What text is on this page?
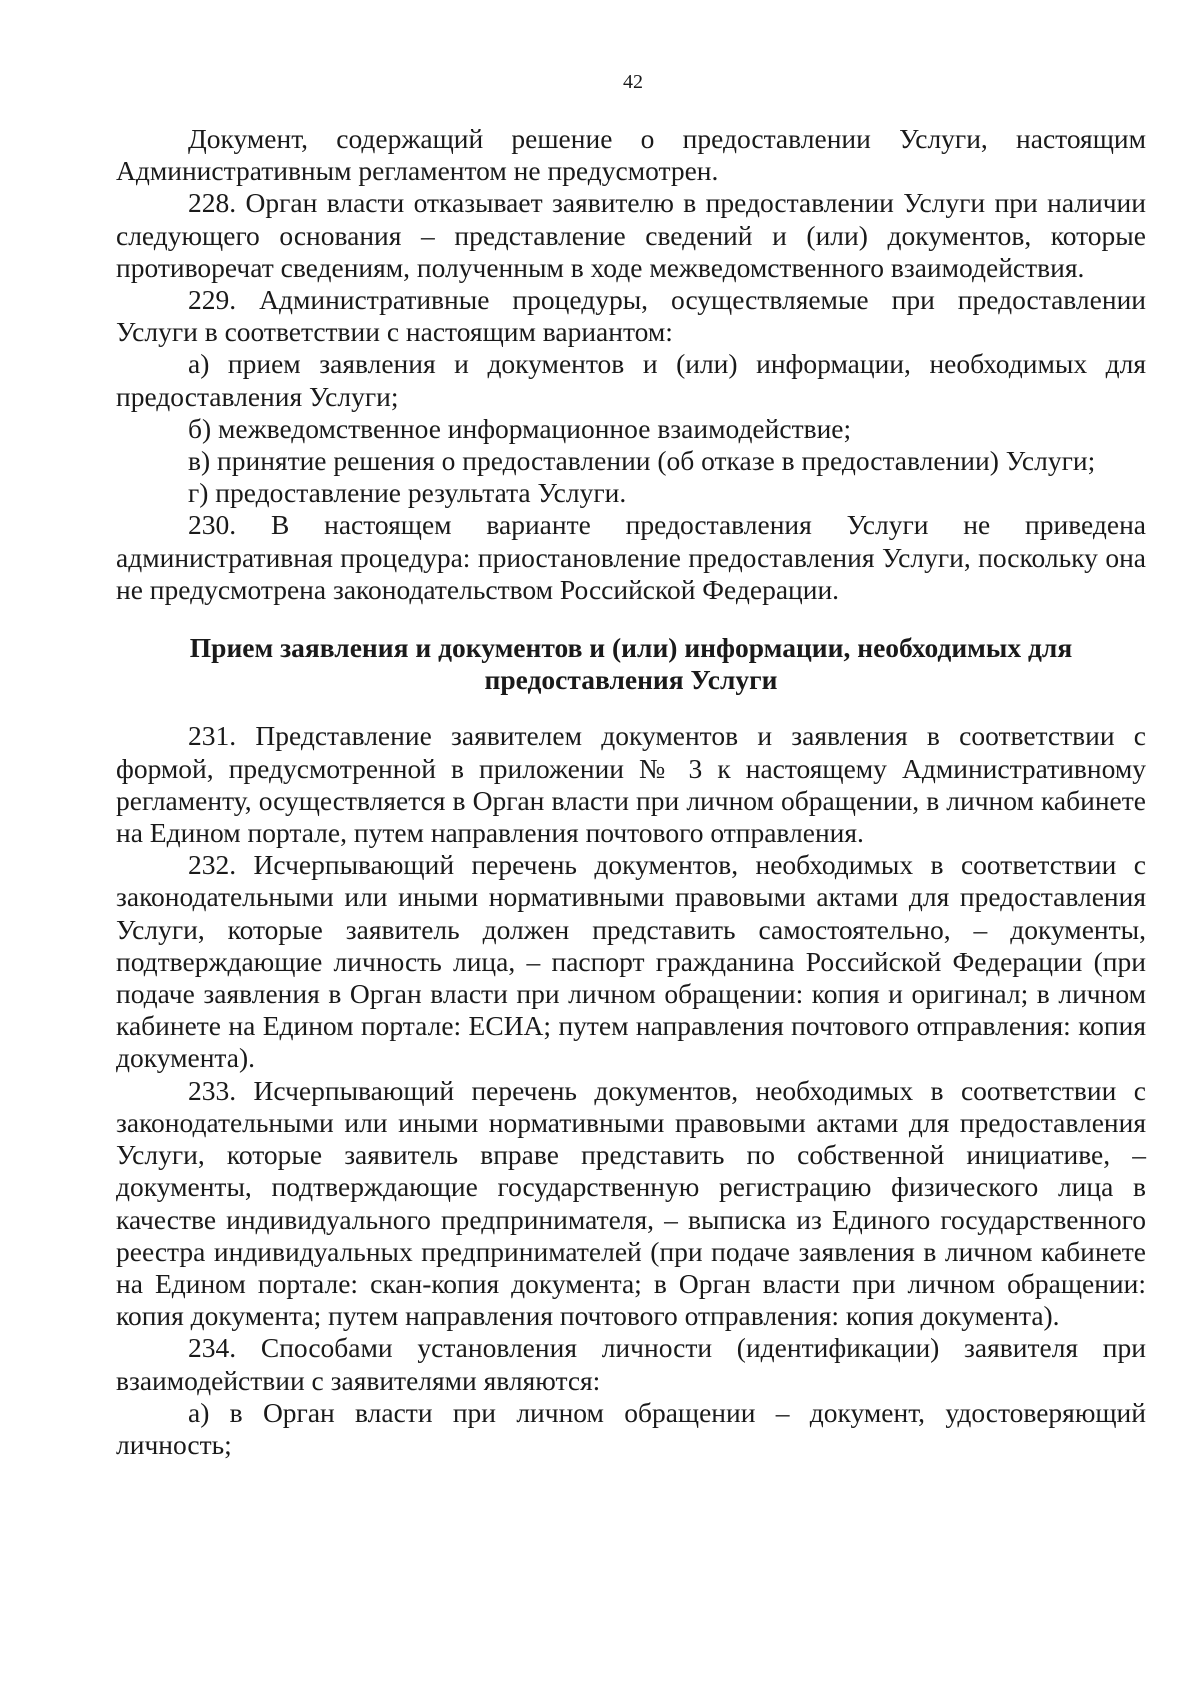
42

Документ, содержащий решение о предоставлении Услуги, настоящим Административным регламентом не предусмотрен.

228. Орган власти отказывает заявителю в предоставлении Услуги при наличии следующего основания – представление сведений и (или) документов, которые противоречат сведениям, полученным в ходе межведомственного взаимодействия.

229. Административные процедуры, осуществляемые при предоставлении Услуги в соответствии с настоящим вариантом:

а) прием заявления и документов и (или) информации, необходимых для предоставления Услуги;

б) межведомственное информационное взаимодействие;

в) принятие решения о предоставлении (об отказе в предоставлении) Услуги;

г) предоставление результата Услуги.

230. В настоящем варианте предоставления Услуги не приведена административная процедура: приостановление предоставления Услуги, поскольку она не предусмотрена законодательством Российской Федерации.

Прием заявления и документов и (или) информации, необходимых для предоставления Услуги

231. Представление заявителем документов и заявления в соответствии с формой, предусмотренной в приложении № 3 к настоящему Административному регламенту, осуществляется в Орган власти при личном обращении, в личном кабинете на Едином портале, путем направления почтового отправления.

232. Исчерпывающий перечень документов, необходимых в соответствии с законодательными или иными нормативными правовыми актами для предоставления Услуги, которые заявитель должен представить самостоятельно, – документы, подтверждающие личность лица, – паспорт гражданина Российской Федерации (при подаче заявления в Орган власти при личном обращении: копия и оригинал; в личном кабинете на Едином портале: ЕСИА; путем направления почтового отправления: копия документа).

233. Исчерпывающий перечень документов, необходимых в соответствии с законодательными или иными нормативными правовыми актами для предоставления Услуги, которые заявитель вправе представить по собственной инициативе, – документы, подтверждающие государственную регистрацию физического лица в качестве индивидуального предпринимателя, – выписка из Единого государственного реестра индивидуальных предпринимателей (при подаче заявления в личном кабинете на Едином портале: скан-копия документа; в Орган власти при личном обращении: копия документа; путем направления почтового отправления: копия документа).

234. Способами установления личности (идентификации) заявителя при взаимодействии с заявителями являются:

а) в Орган власти при личном обращении – документ, удостоверяющий личность;
